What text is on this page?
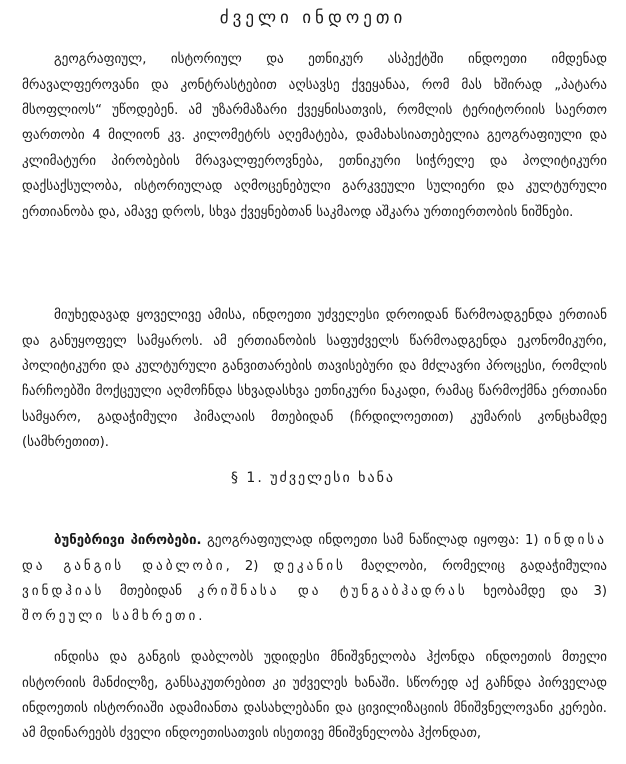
ძველი ინდოეთი

გეოგრაფიულ, ისტორიულ და ეთნიკურ ასპექტში ინდოეთი იმდენად მრავალფეროვანი და კონტრასტებით აღსავსე ქვეყანაა, რომ მას ხშირად „პატარა მსოფლიოს“ უწოდებენ. ამ უზარმაზარი ქვეყნისათვის, რომლის ტერიტორიის საერთო ფართობი 4 მილიონ კვ. კილომეტრს აღემატება, დამახასიათებელია გეოგრაფიული და კლიმატური პირობების მრავალფეროვნება, ეთნიკური სიჭრელე და პოლიტიკური დაქსაქსულობა, ისტორიულად აღმოცენებული გარკვეული სულიერი და კულტურული ერთიანობა და, ამავე დროს, სხვა ქვეყნებთან საკმაოდ აშკარა ურთიერთობის ნიშნები.

მიუხედავად ყოველივე ამისა, ინდოეთი უძველესი დროიდან წარმოადგენდა ერთიან და განუყოფელ სამყაროს. ამ ერთიანობის საფუძველს წარმოადგენდა ეკონომიკური, პოლიტიკური და კულტურული განვითარების თავისებური და მძლავრი პროცესი, რომლის ჩარჩოებში მოქცეული აღმოჩნდა სხვადასხვა ეთნიკური ნაკადი, რამაც წარმოქმნა ერთიანი სამყარო, გადაჭიმული ჰიმალაის მთებიდან (ჩრდილოეთით) კუმარის კონცხამდე (სამხრეთით).

§ 1. უძველესი ხანა

ბუნებრივი პირობები. გეოგრაფიულად ინდოეთი სამ ნაწილად იყოფა: 1) ინდისა და განგის დაბლობი, 2) დეკანის მაღლობი, რომელიც გადაჭიმულია ვინდჰიას მთებიდან კრიშნასა და ტუნგაბჰადრას ხეობამდე და 3) შორეული სამხრეთი.

ინდისა და განგის დაბლობს უდიდესი მნიშვნელობა ჰქონდა ინდოეთის მთელი ისტორიის მანძილზე, განსაკუთრებით კი უძველეს ხანაში. სწორედ აქ გაჩნდა პირველად ინდოეთის ისტორიაში ადამიანთა დასახლებანი და ცივილიზაციის მნიშვნელოვანი კერები. ამ მდინარეებს ძველი ინდოეთისათვის ისეთივე მნიშვნელობა ჰქონდათ,
